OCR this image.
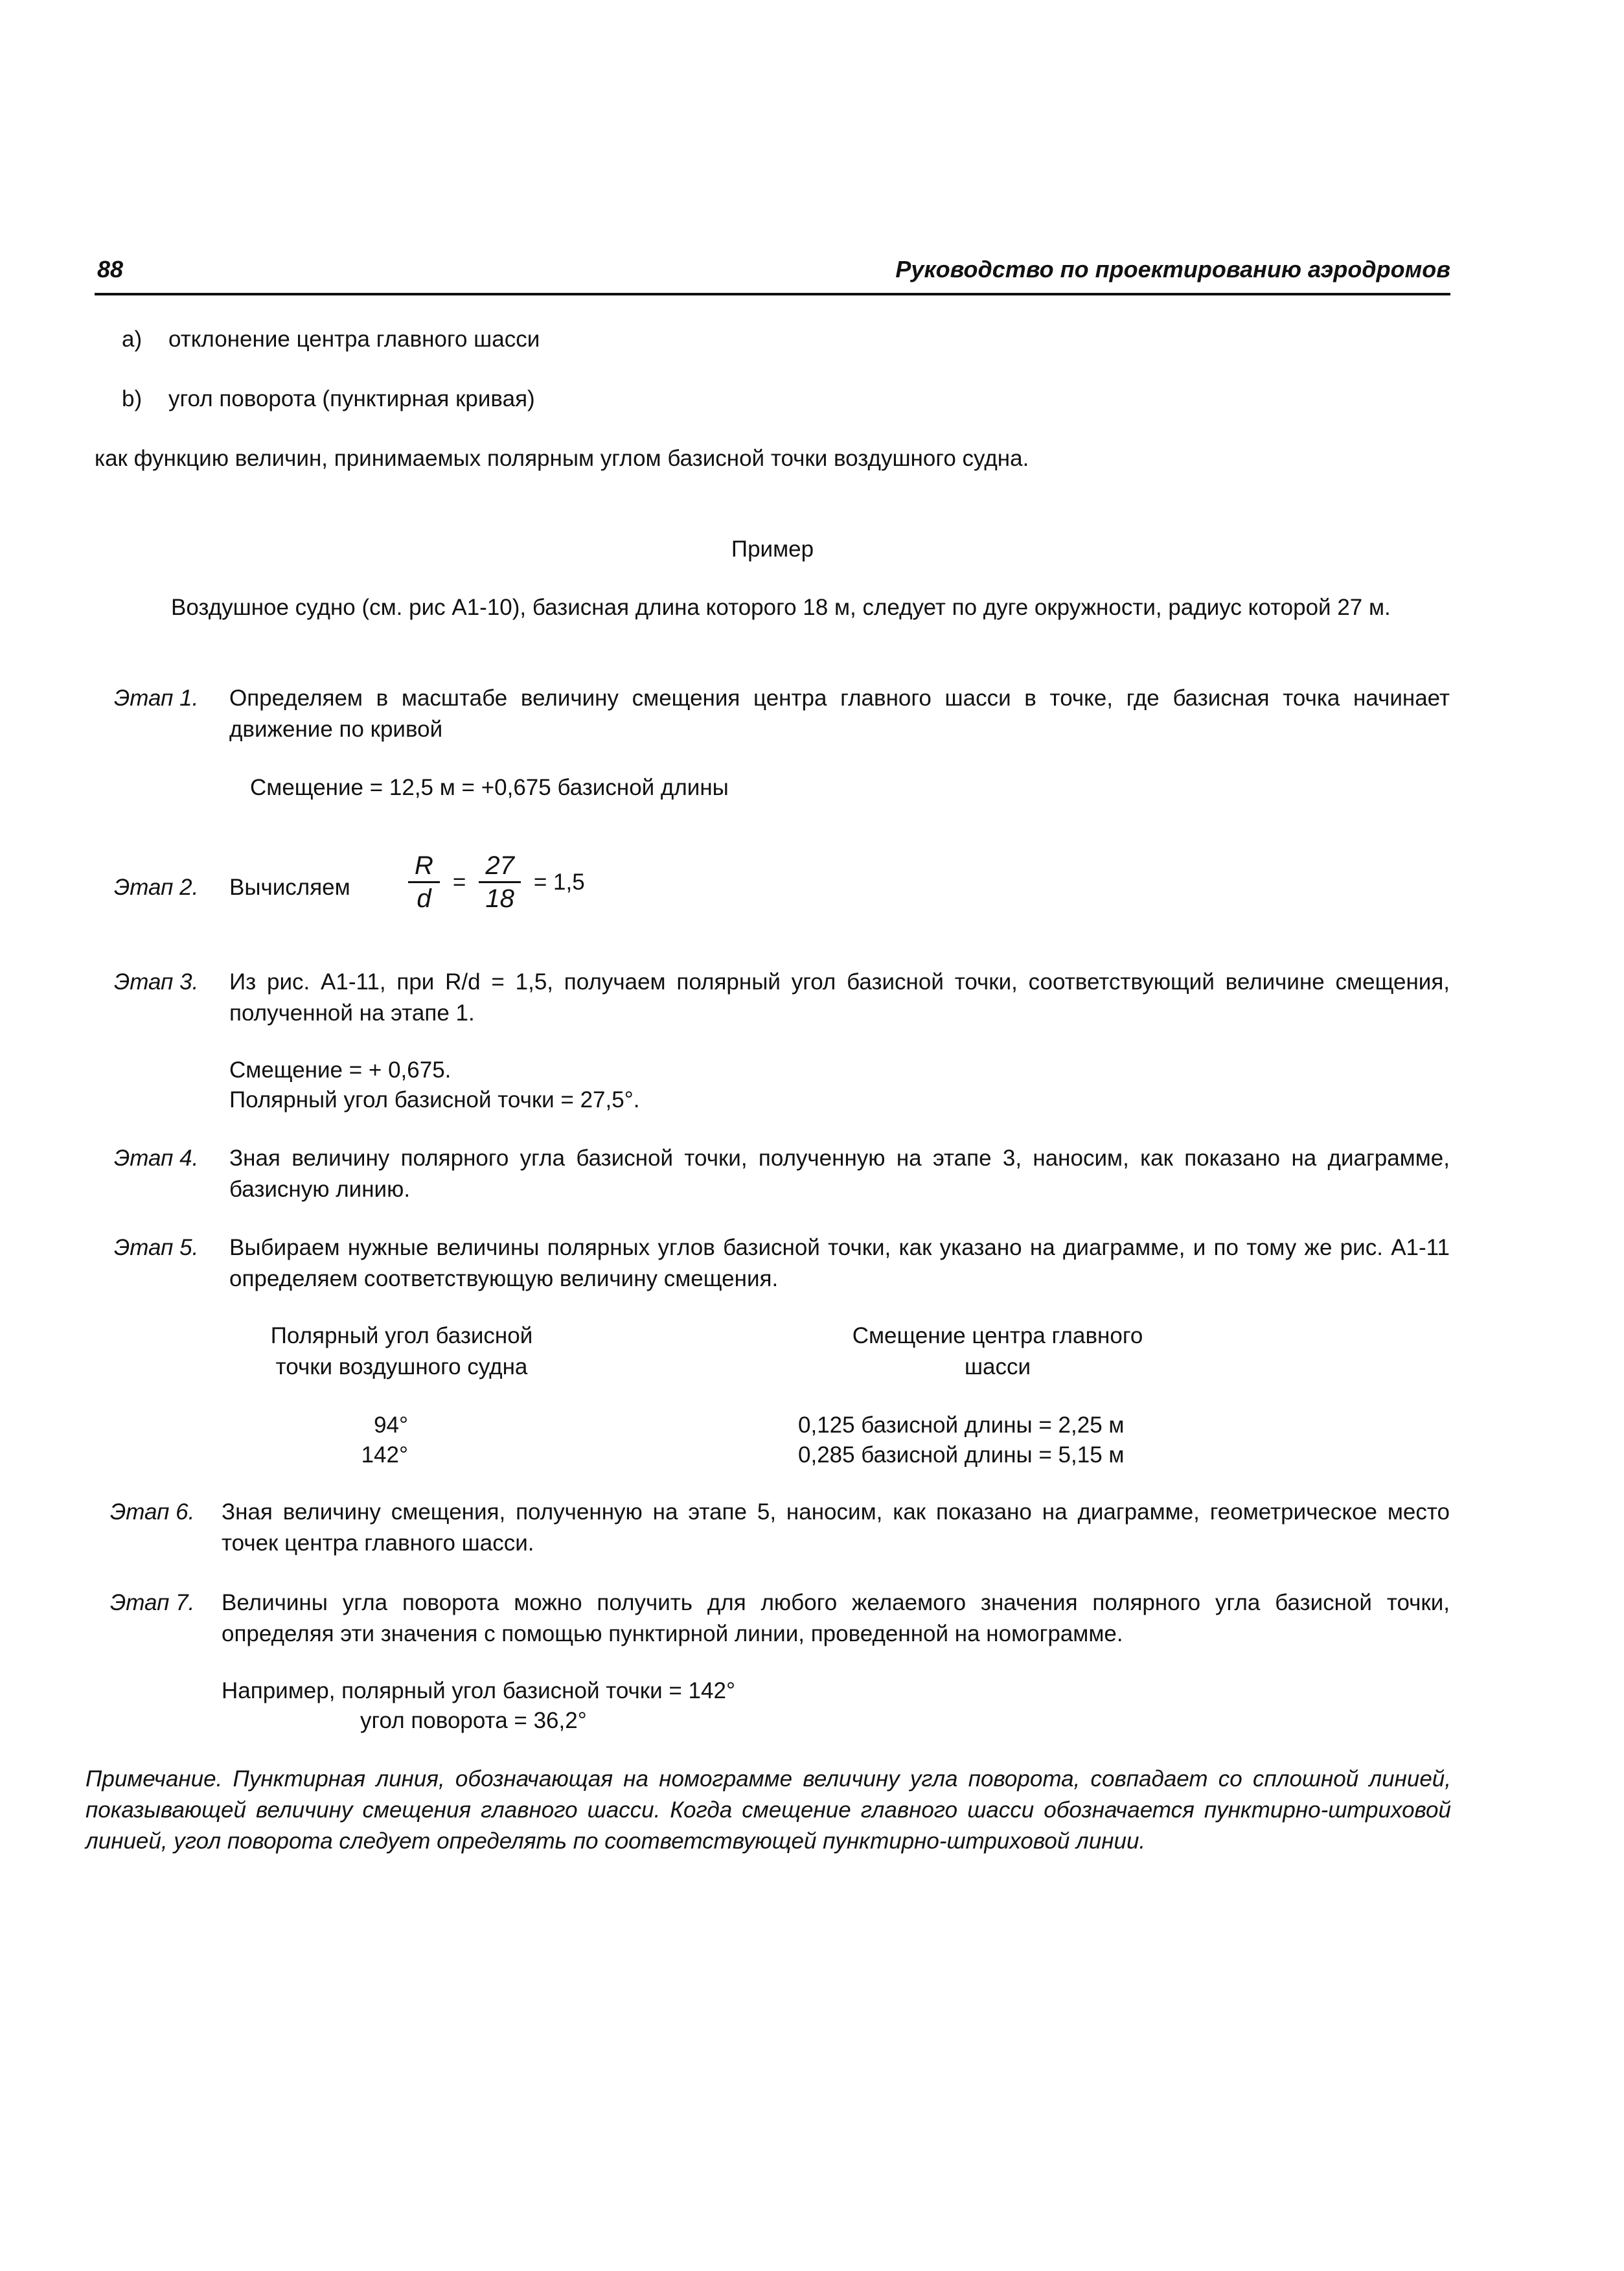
88	Руководство по проектированию аэродромов
a) отклонение центра главного шасси
b) угол поворота (пунктирная кривая)
как функцию величин, принимаемых полярным углом базисной точки воздушного судна.
Пример
Воздушное судно (см. рис А1-10), базисная длина которого 18 м, следует по дуге окружности, радиус которой 27 м.
Этап 1. Определяем в масштабе величину смещения центра главного шасси в точке, где базисная точка начинает движение по кривой
Смещение = 12,5 м = +0,675 базисной длины
Этап 2. Вычисляем	$\frac{R}{d} = \frac{27}{18} = 1,5$
Этап 3. Из рис. А1-11, при R/d = 1,5, получаем полярный угол базисной точки, соответствующий величине смещения, полученной на этапе 1.
Смещение = + 0,675.
Полярный угол базисной точки = 27,5°.
Этап 4. Зная величину полярного угла базисной точки, полученную на этапе 3, наносим, как показано на диаграмме, базисную линию.
Этап 5. Выбираем нужные величины полярных углов базисной точки, как указано на диаграмме, и по тому же рис. А1-11 определяем соответствующую величину смещения.
Полярный угол базисной
точки воздушного судна
Смещение центра главного
шасси
94°
142°
0,125 базисной длины = 2,25 м
0,285 базисной длины = 5,15 м
Этап 6. Зная величину смещения, полученную на этапе 5, наносим, как показано на диаграмме, геометрическое место точек центра главного шасси.
Этап 7. Величины угла поворота можно получить для любого желаемого значения полярного угла базисной точки, определяя эти значения с помощью пунктирной линии, проведенной на номограмме.
Например, полярный угол базисной точки = 142°
угол поворота = 36,2°
Примечание. Пунктирная линия, обозначающая на номограмме величину угла поворота, совпадает со сплошной линией, показывающей величину смещения главного шасси. Когда смещение главного шасси обозначается пунктирно-штриховой линией, угол поворота следует определять по соответствующей пунктирно-штриховой линии.
